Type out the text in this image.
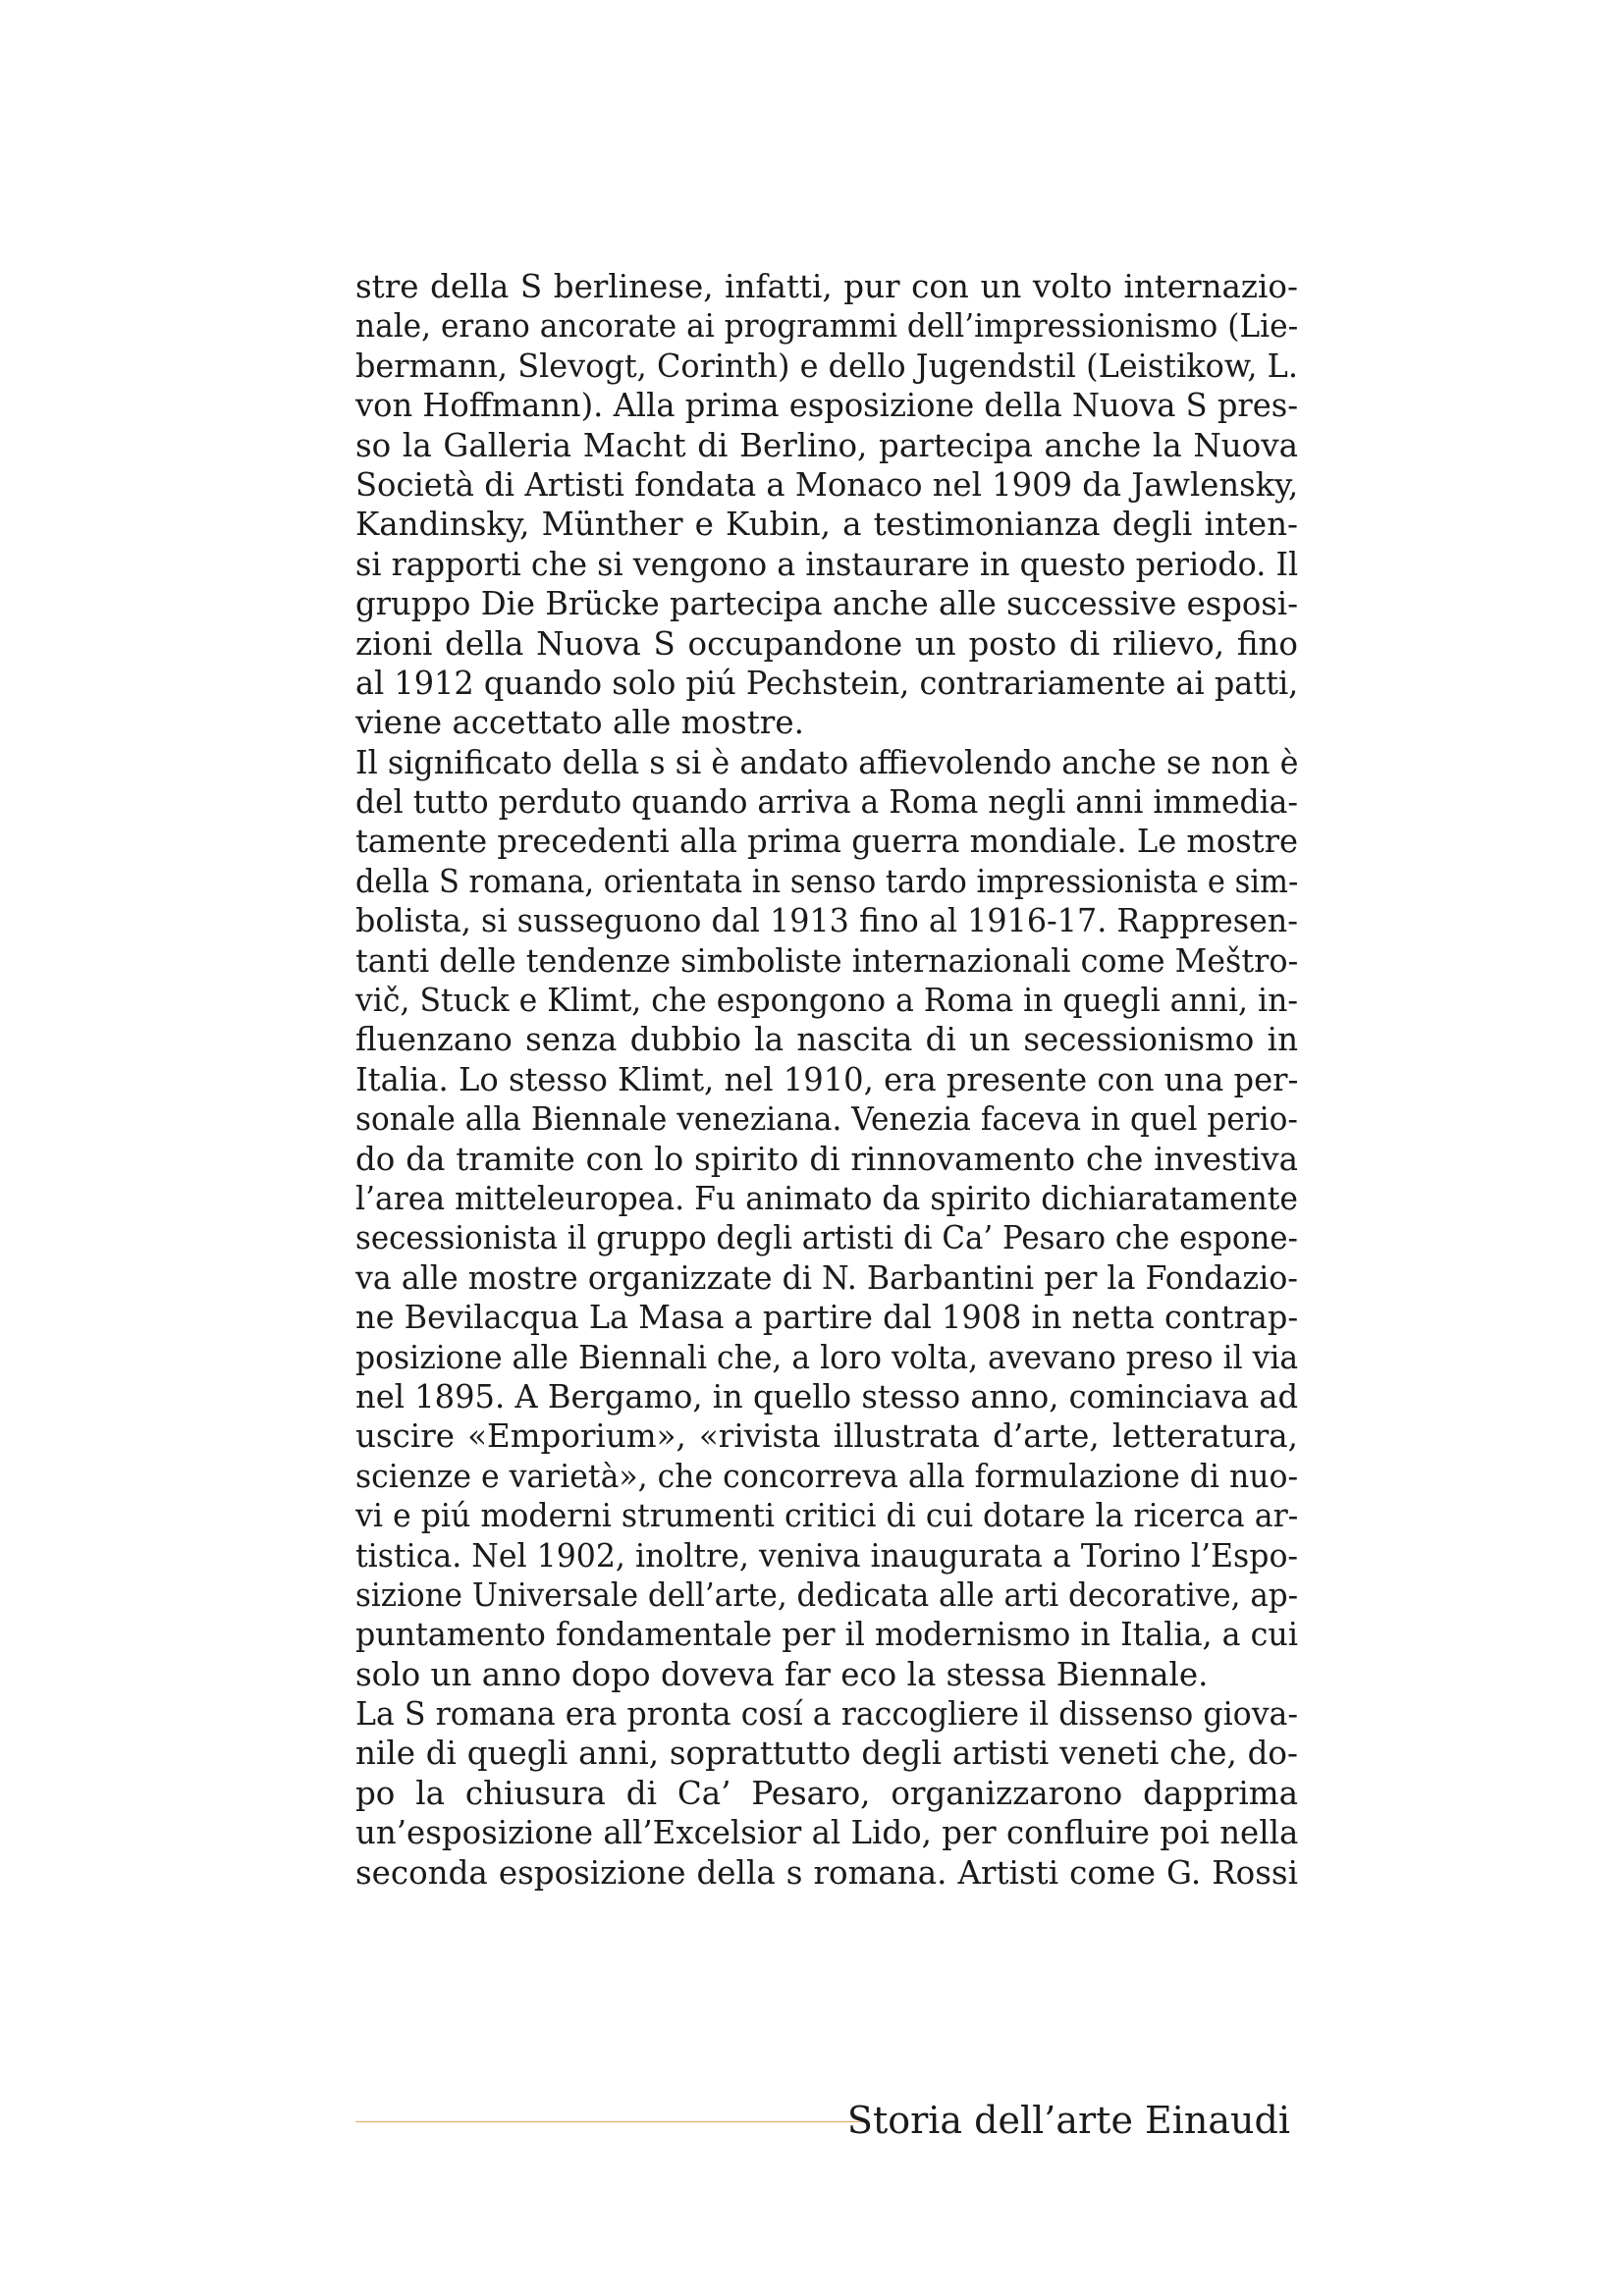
stre della S berlinese, infatti, pur con un volto internazio-
nale, erano ancorate ai programmi dell’impressionismo (Lie-
bermann, Slevogt, Corinth) e dello Jugendstil (Leistikow, L.
von Hoffmann). Alla prima esposizione della Nuova S pres-
so la Galleria Macht di Berlino, partecipa anche la Nuova
Società di Artisti fondata a Monaco nel 1909 da Jawlensky,
Kandinsky, Münther e Kubin, a testimonianza degli inten-
si rapporti che si vengono a instaurare in questo periodo. Il
gruppo Die Brücke partecipa anche alle successive esposi-
zioni della Nuova S occupandone un posto di rilievo, fino
al 1912 quando solo piú Pechstein, contrariamente ai patti,
viene accettato alle mostre.
Il significato della s si è andato affievolendo anche se non è
del tutto perduto quando arriva a Roma negli anni immedia-
tamente precedenti alla prima guerra mondiale. Le mostre
della S romana, orientata in senso tardo impressionista e sim-
bolista, si susseguono dal 1913 fino al 1916-17. Rappresen-
tanti delle tendenze simboliste internazionali come Meštro-
vič, Stuck e Klimt, che espongono a Roma in quegli anni, in-
fluenzano senza dubbio la nascita di un secessionismo in
Italia. Lo stesso Klimt, nel 1910, era presente con una per-
sonale alla Biennale veneziana. Venezia faceva in quel perio-
do da tramite con lo spirito di rinnovamento che investiva
l’area mitteleuropea. Fu animato da spirito dichiaratamente
secessionista il gruppo degli artisti di Ca’ Pesaro che espone-
va alle mostre organizzate di N. Barbantini per la Fondazio-
ne Bevilacqua La Masa a partire dal 1908 in netta contrap-
posizione alle Biennali che, a loro volta, avevano preso il via
nel 1895. A Bergamo, in quello stesso anno, cominciava ad
uscire «Emporium», «rivista illustrata d’arte, letteratura,
scienze e varietà», che concorreva alla formulazione di nuo-
vi e piú moderni strumenti critici di cui dotare la ricerca ar-
tistica. Nel 1902, inoltre, veniva inaugurata a Torino l’Espo-
sizione Universale dell’arte, dedicata alle arti decorative, ap-
puntamento fondamentale per il modernismo in Italia, a cui
solo un anno dopo doveva far eco la stessa Biennale.
La S romana era pronta cosí a raccogliere il dissenso giova-
nile di quegli anni, soprattutto degli artisti veneti che, do-
po la chiusura di Ca’ Pesaro, organizzarono dapprima
un’esposizione all’Excelsior al Lido, per confluire poi nella
seconda esposizione della s romana. Artisti come G. Rossi
Storia dell’arte Einaudi
